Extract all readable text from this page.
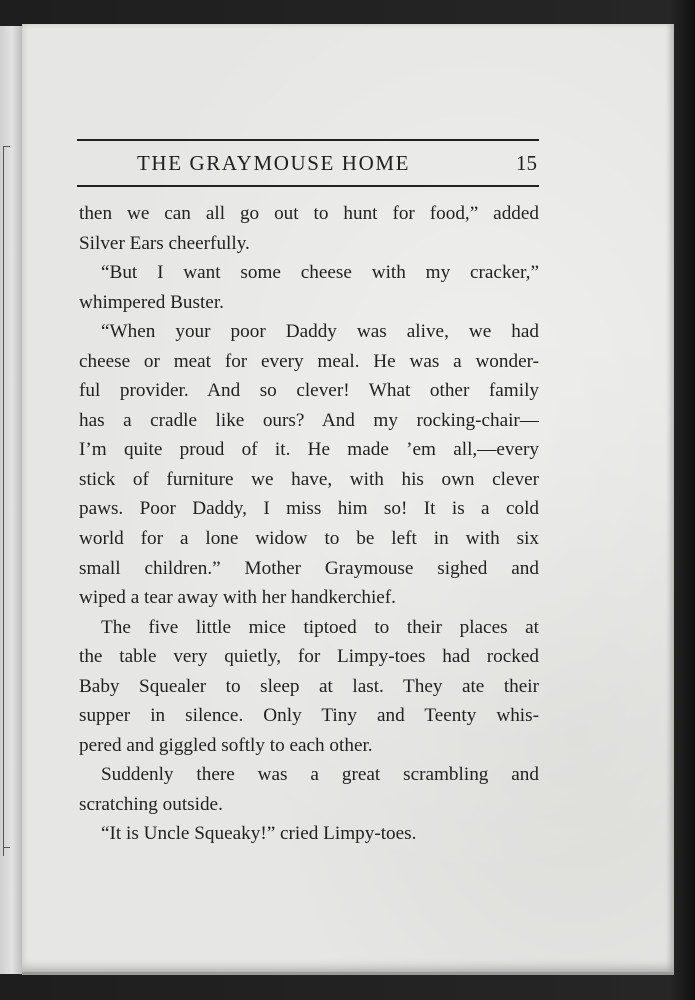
THE GRAYMOUSE HOME	15
then we can all go out to hunt for food,” added
Silver Ears cheerfully.
“But I want some cheese with my cracker,”
whimpered Buster.
“When your poor Daddy was alive, we had
cheese or meat for every meal. He was a wonder-
ful provider. And so clever! What other family
has a cradle like ours? And my rocking-chair—
I’m quite proud of it. He made ’em all,—every
stick of furniture we have, with his own clever
paws. Poor Daddy, I miss him so! It is a cold
world for a lone widow to be left in with six
small children.” Mother Graymouse sighed and
wiped a tear away with her handkerchief.
The five little mice tiptoed to their places at
the table very quietly, for Limpy-toes had rocked
Baby Squealer to sleep at last. They ate their
supper in silence. Only Tiny and Teenty whis-
pered and giggled softly to each other.
Suddenly there was a great scrambling and
scratching outside.
“It is Uncle Squeaky!” cried Limpy-toes.
